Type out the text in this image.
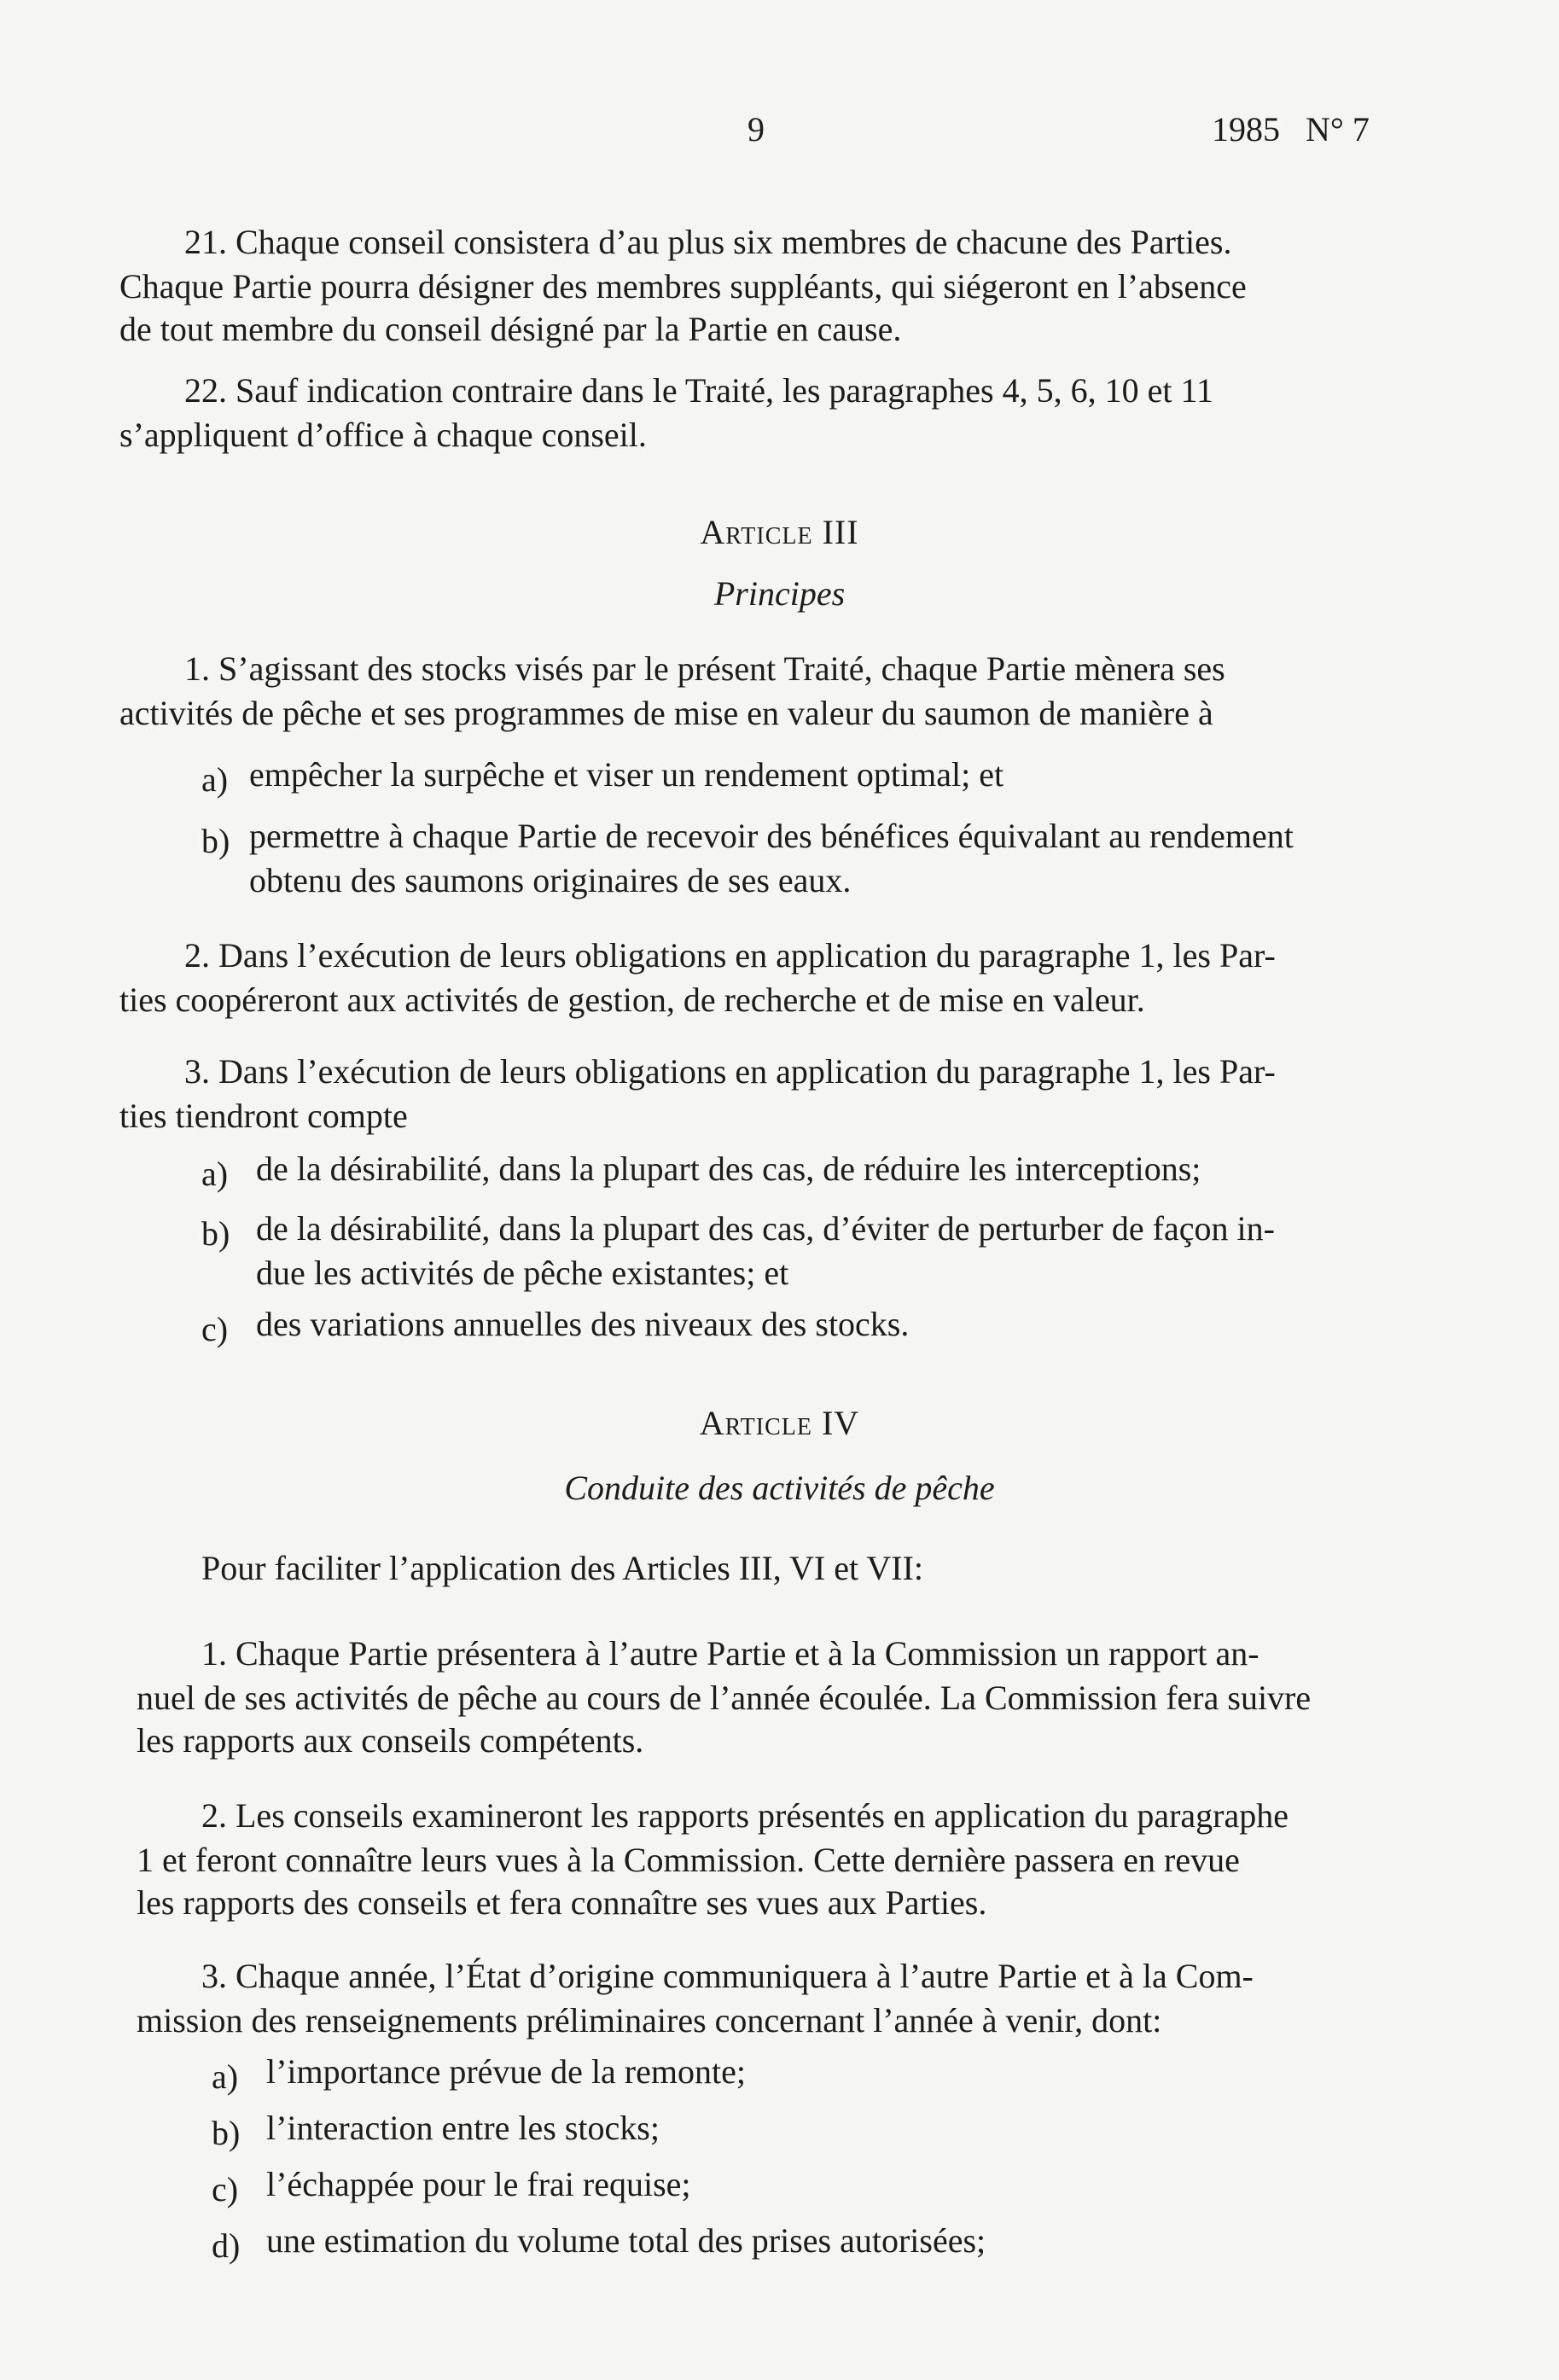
9	1985   N° 7
21. Chaque conseil consistera d’au plus six membres de chacune des Parties.
Chaque Partie pourra désigner des membres suppléants, qui siégeront en l’absence
de tout membre du conseil désigné par la Partie en cause.
22. Sauf indication contraire dans le Traité, les paragraphes 4, 5, 6, 10 et 11
s’appliquent d’office à chaque conseil.
Article III
Principes
1. S’agissant des stocks visés par le présent Traité, chaque Partie mènera ses
activités de pêche et ses programmes de mise en valeur du saumon de manière à
a) empêcher la surpêche et viser un rendement optimal; et
b) permettre à chaque Partie de recevoir des bénéfices équivalant au rendement
obtenu des saumons originaires de ses eaux.
2. Dans l’exécution de leurs obligations en application du paragraphe 1, les Par-
ties coopéreront aux activités de gestion, de recherche et de mise en valeur.
3. Dans l’exécution de leurs obligations en application du paragraphe 1, les Par-
ties tiendront compte
a) de la désirabilité, dans la plupart des cas, de réduire les interceptions;
b) de la désirabilité, dans la plupart des cas, d’éviter de perturber de façon in-
due les activités de pêche existantes; et
c) des variations annuelles des niveaux des stocks.
Article IV
Conduite des activités de pêche
Pour faciliter l’application des Articles III, VI et VII:
1. Chaque Partie présentera à l’autre Partie et à la Commission un rapport an-
nuel de ses activités de pêche au cours de l’année écoulée. La Commission fera suivre
les rapports aux conseils compétents.
2. Les conseils examineront les rapports présentés en application du paragraphe
1 et feront connaître leurs vues à la Commission. Cette dernière passera en revue
les rapports des conseils et fera connaître ses vues aux Parties.
3. Chaque année, l’État d’origine communiquera à l’autre Partie et à la Com-
mission des renseignements préliminaires concernant l’année à venir, dont:
a) l’importance prévue de la remonte;
b) l’interaction entre les stocks;
c) l’échappée pour le frai requise;
d) une estimation du volume total des prises autorisées;
